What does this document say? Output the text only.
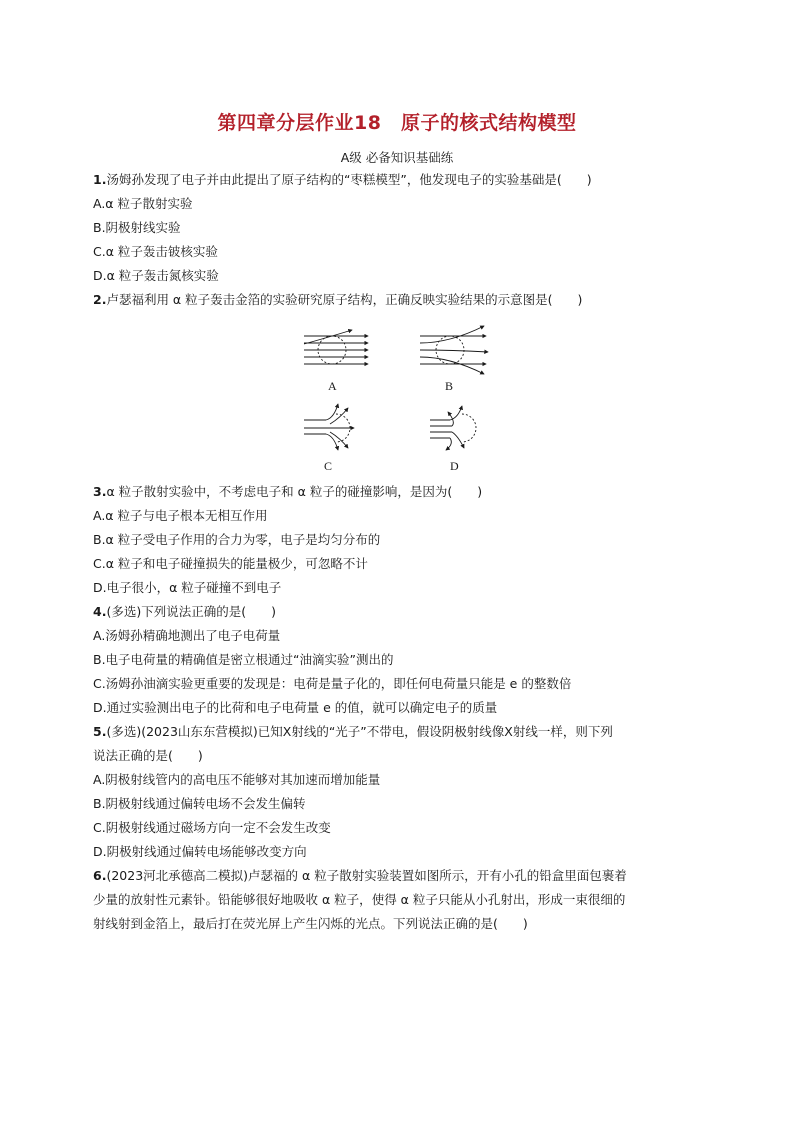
第四章分层作业18　原子的核式结构模型
A级 必备知识基础练
1.汤姆孙发现了电子并由此提出了原子结构的“枣糕模型”，他发现电子的实验基础是(　　)
A.α 粒子散射实验
B.阴极射线实验
C.α 粒子轰击铍核实验
D.α 粒子轰击氮核实验
2.卢瑟福利用 α 粒子轰击金箔的实验研究原子结构，正确反映实验结果的示意图是(　　)
A	B
C	D
3.α 粒子散射实验中，不考虑电子和 α 粒子的碰撞影响，是因为(　　)
A.α 粒子与电子根本无相互作用
B.α 粒子受电子作用的合力为零，电子是均匀分布的
C.α 粒子和电子碰撞损失的能量极少，可忽略不计
D.电子很小，α 粒子碰撞不到电子
4.(多选)下列说法正确的是(　　)
A.汤姆孙精确地测出了电子电荷量
B.电子电荷量的精确值是密立根通过“油滴实验”测出的
C.汤姆孙油滴实验更重要的发现是：电荷是量子化的，即任何电荷量只能是 e 的整数倍
D.通过实验测出电子的比荷和电子电荷量 e 的值，就可以确定电子的质量
5.(多选)(2023山东东营模拟)已知X射线的“光子”不带电，假设阴极射线像X射线一样，则下列
说法正确的是(　　)
A.阴极射线管内的高电压不能够对其加速而增加能量
B.阴极射线通过偏转电场不会发生偏转
C.阴极射线通过磁场方向一定不会发生改变
D.阴极射线通过偏转电场能够改变方向
6.(2023河北承德高二模拟)卢瑟福的 α 粒子散射实验装置如图所示，开有小孔的铅盒里面包裹着
少量的放射性元素钋。铅能够很好地吸收 α 粒子，使得 α 粒子只能从小孔射出，形成一束很细的
射线射到金箔上，最后打在荧光屏上产生闪烁的光点。下列说法正确的是(　　)
